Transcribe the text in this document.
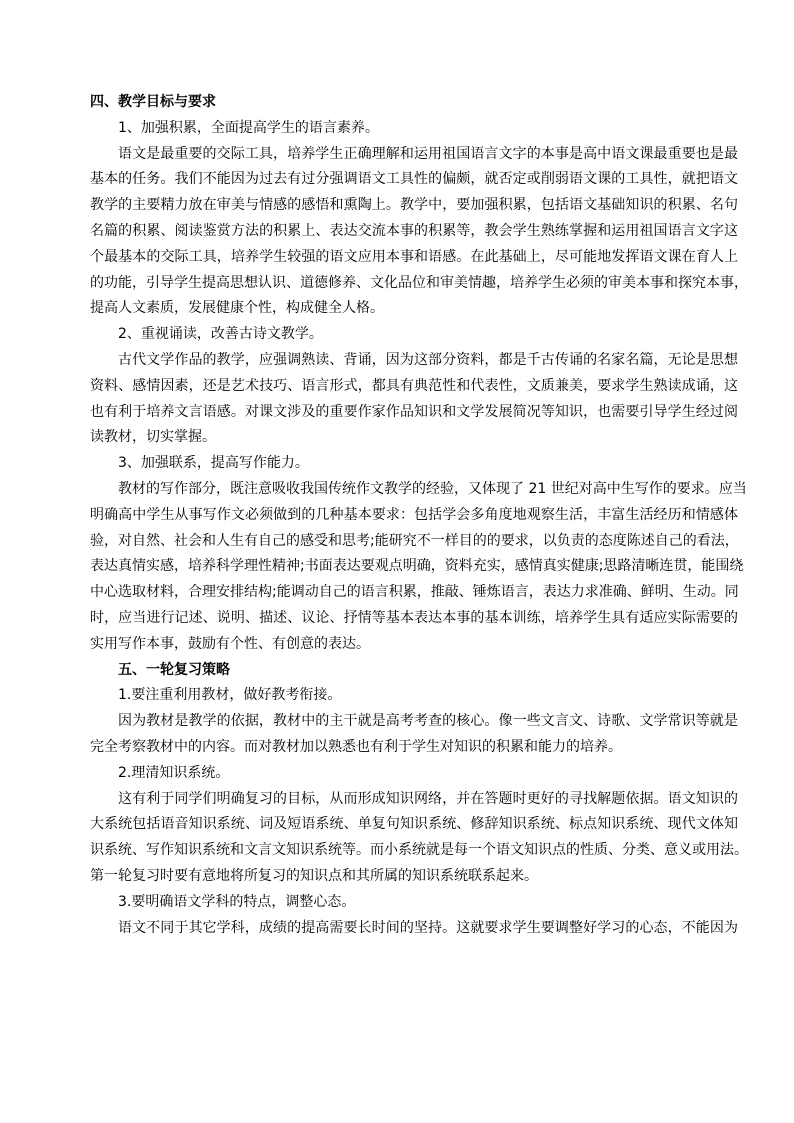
四、教学目标与要求
1、加强积累，全面提高学生的语言素养。
语文是最重要的交际工具，培养学生正确理解和运用祖国语言文字的本事是高中语文课最重要也是最
基本的任务。我们不能因为过去有过分强调语文工具性的偏颇，就否定或削弱语文课的工具性，就把语文
教学的主要精力放在审美与情感的感悟和熏陶上。教学中，要加强积累，包括语文基础知识的积累、名句
名篇的积累、阅读鉴赏方法的积累上、表达交流本事的积累等，教会学生熟练掌握和运用祖国语言文字这
个最基本的交际工具，培养学生较强的语文应用本事和语感。在此基础上，尽可能地发挥语文课在育人上
的功能，引导学生提高思想认识、道德修养、文化品位和审美情趣，培养学生必须的审美本事和探究本事，
提高人文素质，发展健康个性，构成健全人格。
2、重视诵读，改善古诗文教学。
古代文学作品的教学，应强调熟读、背诵，因为这部分资料，都是千古传诵的名家名篇，无论是思想
资料、感情因素，还是艺术技巧、语言形式，都具有典范性和代表性，文质兼美，要求学生熟读成诵，这
也有利于培养文言语感。对课文涉及的重要作家作品知识和文学发展简况等知识，也需要引导学生经过阅
读教材，切实掌握。
3、加强联系，提高写作能力。
教材的写作部分，既注意吸收我国传统作文教学的经验，又体现了 21 世纪对高中生写作的要求。应当
明确高中学生从事写作文必须做到的几种基本要求：包括学会多角度地观察生活，丰富生活经历和情感体
验，对自然、社会和人生有自己的感受和思考;能研究不一样目的的要求，以负责的态度陈述自己的看法，
表达真情实感，培养科学理性精神;书面表达要观点明确，资料充实，感情真实健康;思路清晰连贯，能围绕
中心选取材料，合理安排结构;能调动自己的语言积累，推敲、锤炼语言，表达力求准确、鲜明、生动。同
时，应当进行记述、说明、描述、议论、抒情等基本表达本事的基本训练，培养学生具有适应实际需要的
实用写作本事，鼓励有个性、有创意的表达。
五、一轮复习策略
1.要注重利用教材，做好教考衔接。
因为教材是教学的依据，教材中的主干就是高考考查的核心。像一些文言文、诗歌、文学常识等就是
完全考察教材中的内容。而对教材加以熟悉也有利于学生对知识的积累和能力的培养。
2.理清知识系统。
这有利于同学们明确复习的目标，从而形成知识网络，并在答题时更好的寻找解题依据。语文知识的
大系统包括语音知识系统、词及短语系统、单复句知识系统、修辞知识系统、标点知识系统、现代文体知
识系统、写作知识系统和文言文知识系统等。而小系统就是每一个语文知识点的性质、分类、意义或用法。
第一轮复习时要有意地将所复习的知识点和其所属的知识系统联系起来。
3.要明确语文学科的特点，调整心态。
语文不同于其它学科，成绩的提高需要长时间的坚持。这就要求学生要调整好学习的心态，不能因为
